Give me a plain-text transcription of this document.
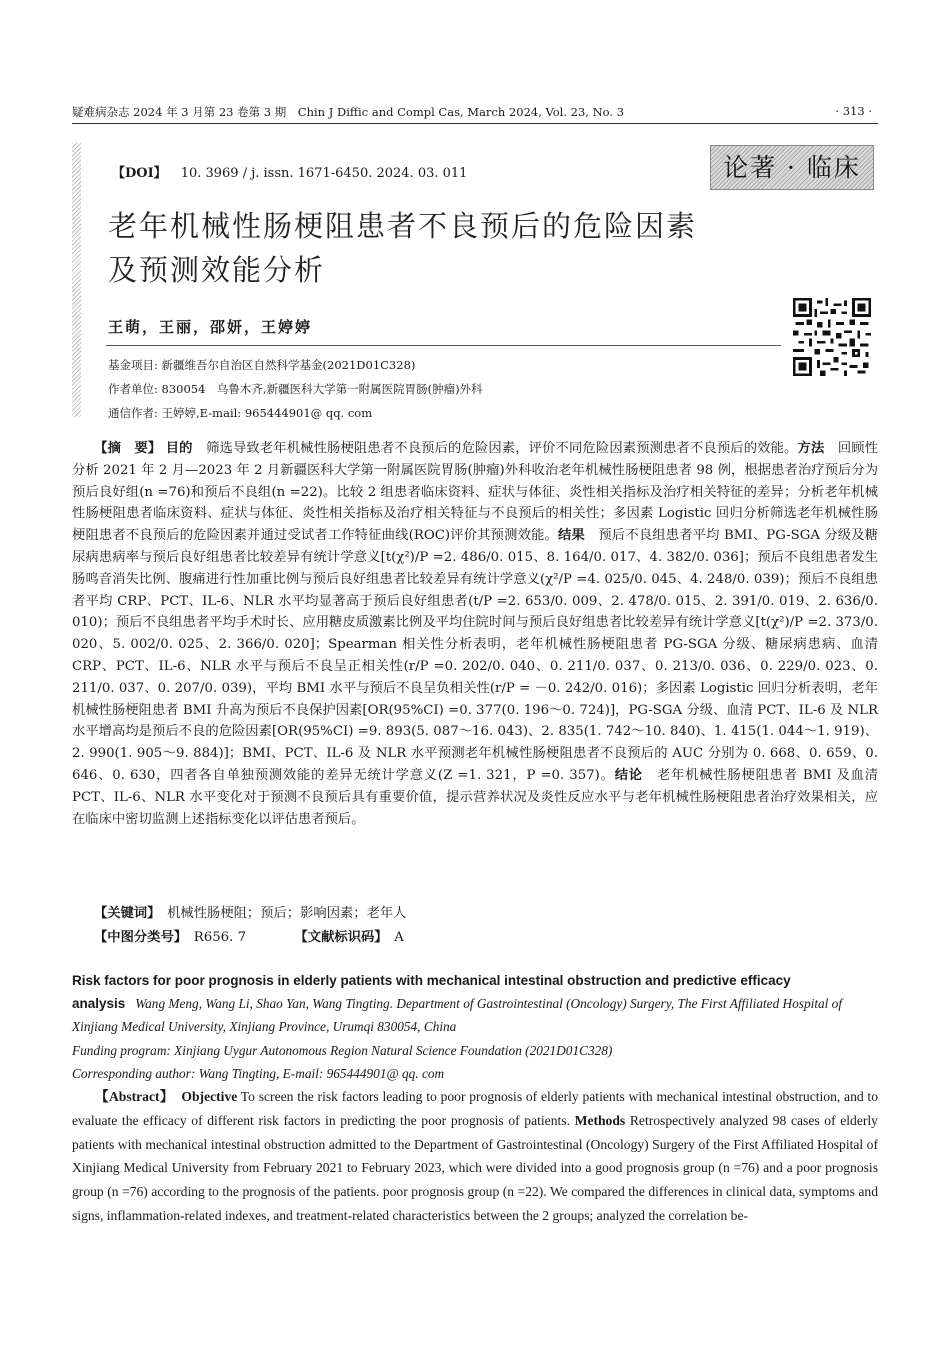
疑难病杂志 2024 年 3 月第 23 卷第 3 期　 Chin J Diffic and Compl Cas, March 2024, Vol. 23, No. 3	· 313 ·
【DOI】 10. 3969 / j. issn. 1671-6450. 2024. 03. 011	论著 · 临床
老年机械性肠梗阻患者不良预后的危险因素
及预测效能分析
王萌，王丽，邵妍，王婷婷
基金项目: 新疆维吾尔自治区自然科学基金(2021D01C328)
作者单位: 830054　乌鲁木齐,新疆医科大学第一附属医院胃肠(肿瘤)外科
通信作者: 王婷婷,E-mail: 965444901@ qq. com
【摘　要】 目的　筛选导致老年机械性肠梗阻患者不良预后的危险因素，评价不同危险因素预测患者不良预后的效能。方法　回顾性分析 2021 年 2 月—2023 年 2 月新疆医科大学第一附属医院胃肠(肿瘤)外科收治老年机械性肠梗阻患者 98 例，根据患者治疗预后分为预后良好组(n =76)和预后不良组(n =22)。比较 2 组患者临床资料、症状与体征、炎性相关指标及治疗相关特征的差异；分析老年机械性肠梗阻患者临床资料、症状与体征、炎性相关指标及治疗相关特征与不良预后的相关性；多因素 Logistic 回归分析筛选老年机械性肠梗阻患者不良预后的危险因素并通过受试者工作特征曲线(ROC)评价其预测效能。结果　预后不良组患者平均 BMI、PG-SGA 分级及糖尿病患病率与预后良好组患者比较差异有统计学意义[t(χ²)/P =2. 486/0. 015、8. 164/0. 017、4. 382/0. 036]；预后不良组患者发生肠鸣音消失比例、腹痛进行性加重比例与预后良好组患者比较差异有统计学意义(χ²/P =4. 025/0. 045、4. 248/0. 039)；预后不良组患者平均 CRP、PCT、IL-6、NLR 水平均显著高于预后良好组患者(t/P =2. 653/0. 009、2. 478/0. 015、2. 391/0. 019、2. 636/0. 010)；预后不良组患者平均手术时长、应用糖皮质激素比例及平均住院时间与预后良好组患者比较差异有统计学意义[t(χ²)/P =2. 373/0. 020、5. 002/0. 025、2. 366/0. 020]；Spearman 相关性分析表明，老年机械性肠梗阻患者 PG-SGA 分级、糖尿病患病、血清 CRP、PCT、IL-6、NLR 水平与预后不良呈正相关性(r/P =0. 202/0. 040、0. 211/0. 037、0. 213/0. 036、0. 229/0. 023、0. 211/0. 037、0. 207/0. 039)，平均 BMI 水平与预后不良呈负相关性(r/P = －0. 242/0. 016)；多因素 Logistic 回归分析表明，老年机械性肠梗阻患者 BMI 升高为预后不良保护因素[OR(95%CI) =0. 377(0. 196～0. 724)]，PG-SGA 分级、血清 PCT、IL-6 及 NLR 水平增高均是预后不良的危险因素[OR(95%CI) =9. 893(5. 087～16. 043)、2. 835(1. 742～10. 840)、1. 415(1. 044～1. 919)、2. 990(1. 905～9. 884)]；BMI、PCT、IL-6 及 NLR 水平预测老年机械性肠梗阻患者不良预后的 AUC 分别为 0. 668、0. 659、0. 646、0. 630，四者各自单独预测效能的差异无统计学意义(Z =1. 321，P =0. 357)。结论　老年机械性肠梗阻患者 BMI 及血清 PCT、IL-6、NLR 水平变化对于预测不良预后具有重要价值，提示营养状况及炎性反应水平与老年机械性肠梗阻患者治疗效果相关，应在临床中密切监测上述指标变化以评估患者预后。
【关键词】　 机械性肠梗阻；预后；影响因素；老年人
【中图分类号】　 R656. 7	【文献标识码】　 A
Risk factors for poor prognosis in elderly patients with mechanical intestinal obstruction and predictive efficacy analysis Wang Meng, Wang Li, Shao Yan, Wang Tingting. Department of Gastrointestinal (Oncology) Surgery, The First Affiliated Hospital of Xinjiang Medical University, Xinjiang Province, Urumqi 830054, China
Funding program: Xinjiang Uygur Autonomous Region Natural Science Foundation (2021D01C328)
Corresponding author: Wang Tingting, E-mail: 965444901@ qq. com
【Abstract】 Objective To screen the risk factors leading to poor prognosis of elderly patients with mechanical intestinal obstruction, and to evaluate the efficacy of different risk factors in predicting the poor prognosis of patients. Methods Retrospectively analyzed 98 cases of elderly patients with mechanical intestinal obstruction admitted to the Department of Gastrointestinal (Oncology) Surgery of the First Affiliated Hospital of Xinjiang Medical University from February 2021 to February 2023, which were divided into a good prognosis group (n =76) and a poor prognosis group (n =76) according to the prognosis of the patients. poor prognosis group (n =22). We compared the differences in clinical data, symptoms and signs, inflammation-related indexes, and treatment-related characteristics between the 2 groups; analyzed the correlation be-
